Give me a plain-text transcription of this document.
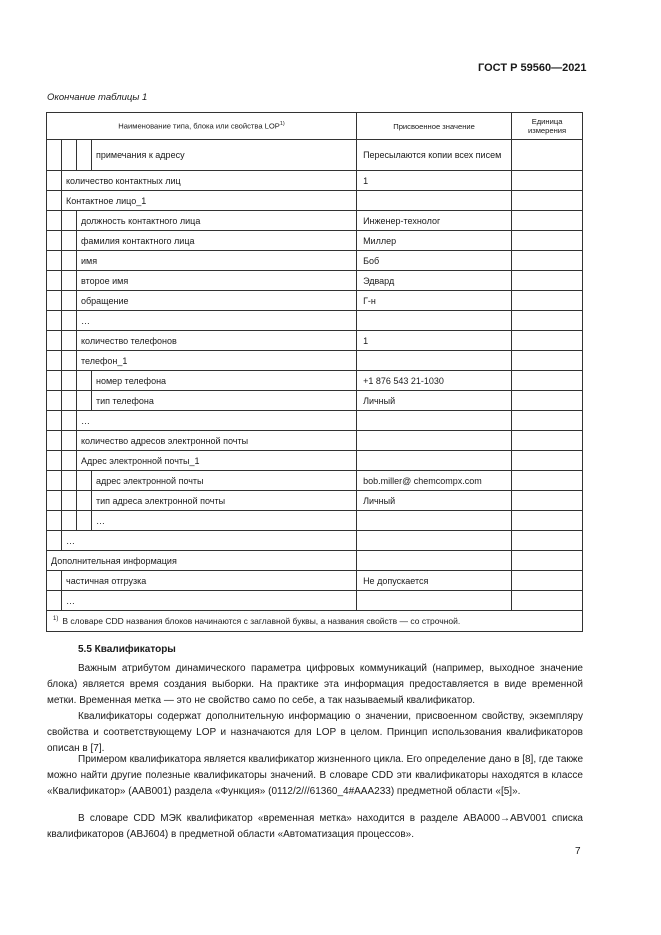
ГОСТ Р 59560—2021
Окончание таблицы 1
Наименование типа, блока или свойства LOP$^{1)}$				Присвоенное значение	Единица измерения
			примечания к адресу	Пересылаются копии всех писем	
	количество контактных лиц			1	
	Контактное лицо_1				
		должность контактного лица		Инженер-технолог	
		фамилия контактного лица		Миллер	
		имя		Боб	
		второе имя		Эдвард	
		обращение		Г-н	
		…			
		количество телефонов		1	
		телефон_1			
			номер телефона	+1 876 543 21-1030	
			тип телефона	Личный	
		…			
		количество адресов электронной почты			
		Адрес электронной почты_1			
			адрес электронной почты	bob.miller@ chemcompx.com	
			тип адреса электронной почты	Личный	
			…		
	…				
Дополнительная информация					
	частичная отгрузка			Не допускается	
	…				
$^{1)}$ В словаре CDD названия блоков начинаются с заглавной буквы, а названия свойств — со строчной.					
5.5 Квалификаторы
Важным атрибутом динамического параметра цифровых коммуникаций (например, выходное значение блока) является время создания выборки. На практике эта информация предоставляется в виде временной метки. Временная метка — это не свойство само по себе, а так называемый квалификатор.
Квалификаторы содержат дополнительную информацию о значении, присвоенном свойству, экземпляру свойства и соответствующему LOP и назначаются для LOP в целом. Принцип использования квалификаторов описан в [7].
Примером квалификатора является квалификатор жизненного цикла. Его определение дано в [8], где также можно найти другие полезные квалификаторы значений. В словаре CDD эти квалификаторы находятся в классе «Квалификатор» (AAB001) раздела «Функция» (0112/2///61360_4#AAA233) предметной области «[5]».
В словаре CDD МЭК квалификатор «временная метка» находится в разделе ABA000→ABV001 списка квалификаторов (ABJ604) в предметной области «Автоматизация процессов».
7
